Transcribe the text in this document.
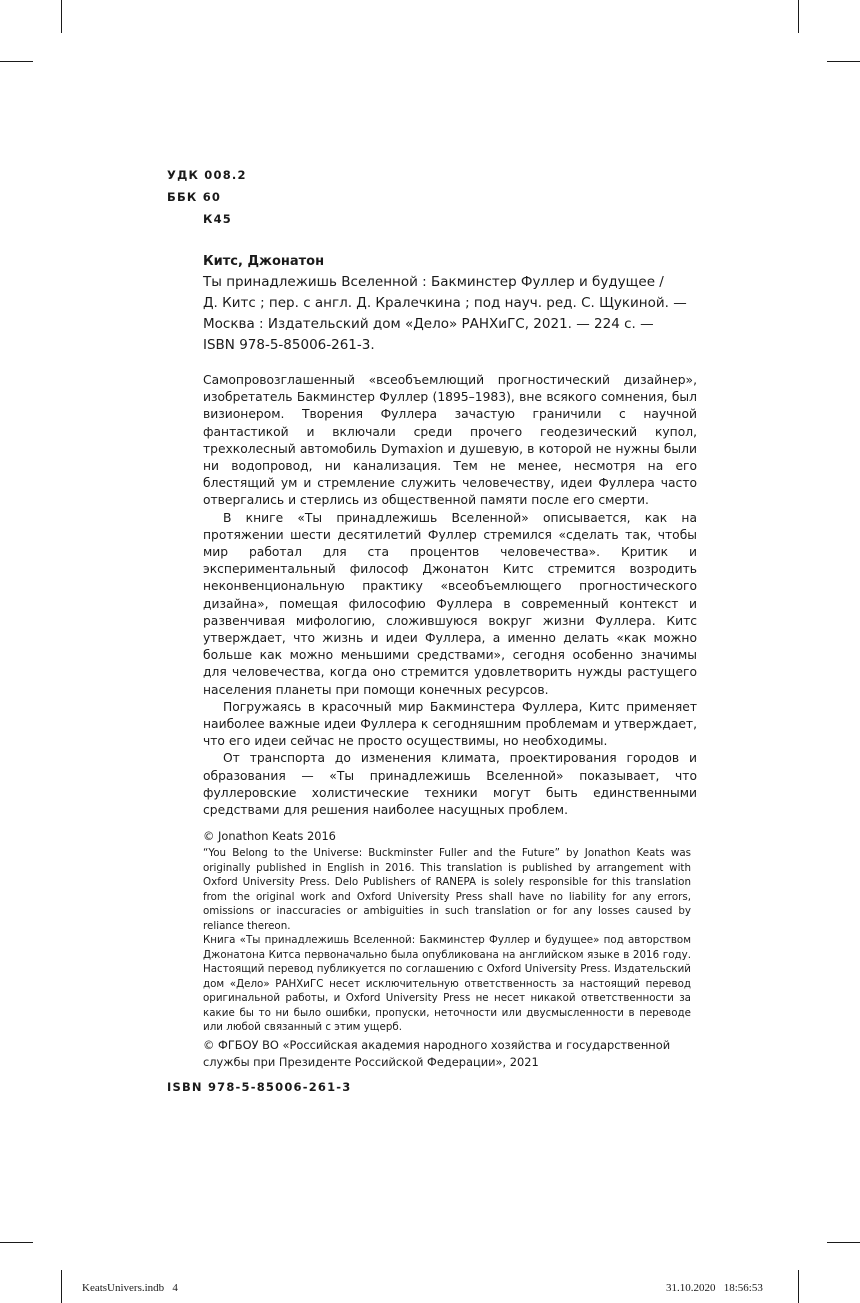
УДК 008.2

ББК 60

К45

Китс, Джонатон

Ты принадлежишь Вселенной : Бакминстер Фуллер и будущее /

Д. Китс ; пер. с англ. Д. Кралечкина ; под науч. ред. С. Щукиной. —

Москва : Издательский дом «Дело» РАНХиГС, 2021. — 224 с. —

ISBN 978-5-85006-261-3.

Самопровозглашенный «всеобъемлющий прогностический дизайнер», изобретатель Бакминстер Фуллер (1895–1983), вне всякого сомнения, был визионером. Творения Фуллера зачастую граничили с научной фантастикой и включали среди прочего геодезический купол, трехколесный автомобиль Dymaxion и душевую, в которой не нужны были ни водопровод, ни канализация. Тем не менее, несмотря на его блестящий ум и стремление служить человечеству, идеи Фуллера часто отвергались и стерлись из общественной памяти после его смерти.

В книге «Ты принадлежишь Вселенной» описывается, как на протяжении шести десятилетий Фуллер стремился «сделать так, чтобы мир работал для ста процентов человечества». Критик и экспериментальный философ Джонатон Китс стремится возродить неконвенциональную практику «всеобъемлющего прогностического дизайна», помещая философию Фуллера в современный контекст и развенчивая мифологию, сложившуюся вокруг жизни Фуллера. Китс утверждает, что жизнь и идеи Фуллера, а именно делать «как можно больше как можно меньшими средствами», сегодня особенно значимы для человечества, когда оно стремится удовлетворить нужды растущего населения планеты при помощи конечных ресурсов.

Погружаясь в красочный мир Бакминстера Фуллера, Китс применяет наиболее важные идеи Фуллера к сегодняшним проблемам и утверждает, что его идеи сейчас не просто осуществимы, но необходимы.

От транспорта до изменения климата, проектирования городов и образования — «Ты принадлежишь Вселенной» показывает, что фуллеровские холистические техники могут быть единственными средствами для решения наиболее насущных проблем.

© Jonathon Keats 2016

“You Belong to the Universe: Buckminster Fuller and the Future” by Jonathon Keats was originally published in English in 2016. This translation is published by arrangement with Oxford University Press. Delo Publishers of RANEPA is solely responsible for this translation from the original work and Oxford University Press shall have no liability for any errors, omissions or inaccuracies or ambiguities in such translation or for any losses caused by reliance thereon.

Книга «Ты принадлежишь Вселенной: Бакминстер Фуллер и будущее» под авторством Джонатона Китса первоначально была опубликована на английском языке в 2016 году. Настоящий перевод публикуется по соглашению с Oxford University Press. Издательский дом «Дело» РАНХиГС несет исключительную ответственность за настоящий перевод оригинальной работы, и Oxford University Press не несет никакой ответственности за какие бы то ни было ошибки, пропуски, неточности или двусмысленности в переводе или любой связанный с этим ущерб.

© ФГБОУ ВО «Российская академия народного хозяйства и государственной службы при Президенте Российской Федерации», 2021

ISBN 978-5-85006-261-3

KeatsUnivers.indb   4	31.10.2020   18:56:53
